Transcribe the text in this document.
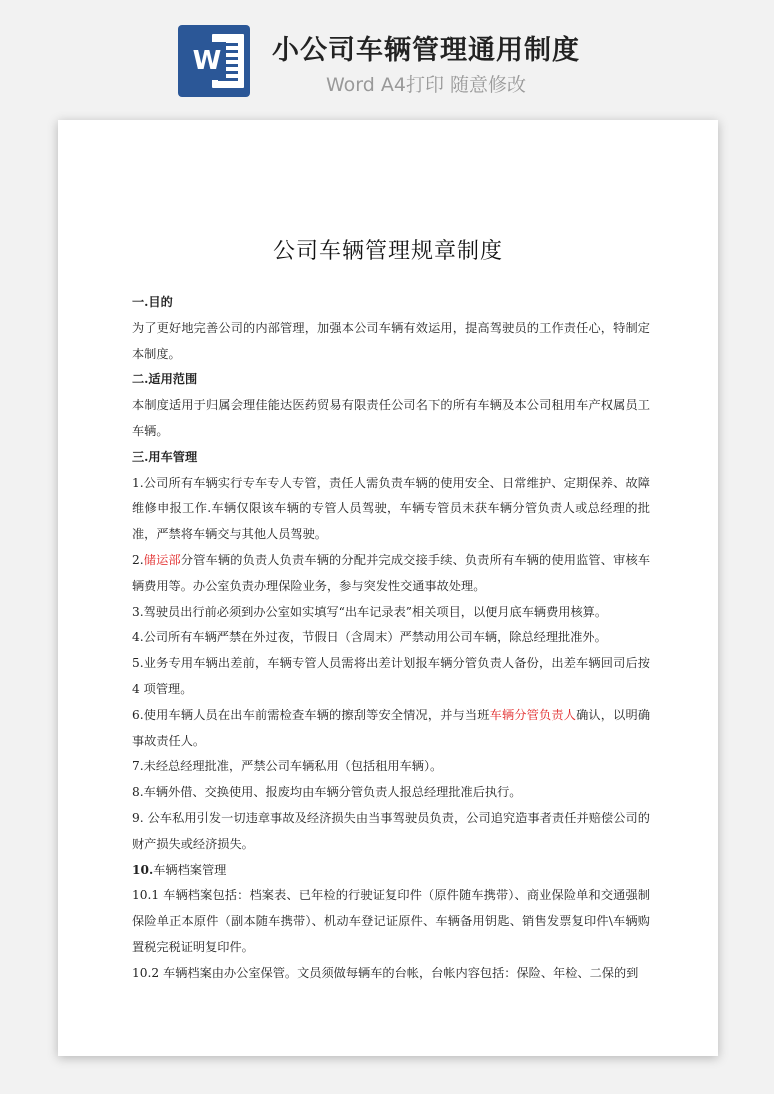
W 小公司车辆管理通用制度
Word A4打印 随意修改
公司车辆管理规章制度

一.目的

为了更好地完善公司的内部管理，加强本公司车辆有效运用，提高驾驶员的工作责任心，特制定本制度。

二.适用范围

本制度适用于归属会理佳能达医药贸易有限责任公司名下的所有车辆及本公司租用车产权属员工车辆。

三.用车管理

1.公司所有车辆实行专车专人专管，责任人需负责车辆的使用安全、日常维护、定期保养、故障维修申报工作.车辆仅限该车辆的专管人员驾驶，车辆专管员未获车辆分管负责人或总经理的批准，严禁将车辆交与其他人员驾驶。

2.储运部分管车辆的负责人负责车辆的分配并完成交接手续、负责所有车辆的使用监管、审核车辆费用等。办公室负责办理保险业务，参与突发性交通事故处理。

3.驾驶员出行前必须到办公室如实填写“出车记录表”相关项目，以便月底车辆费用核算。

4.公司所有车辆严禁在外过夜，节假日（含周末）严禁动用公司车辆，除总经理批准外。

5.业务专用车辆出差前，车辆专管人员需将出差计划报车辆分管负责人备份，出差车辆回司后按4 项管理。

6.使用车辆人员在出车前需检查车辆的擦刮等安全情况，并与当班车辆分管负责人确认，以明确事故责任人。

7.未经总经理批准，严禁公司车辆私用（包括租用车辆）。

8.车辆外借、交换使用、报废均由车辆分管负责人报总经理批准后执行。

9. 公车私用引发一切违章事故及经济损失由当事驾驶员负责，公司追究造事者责任并赔偿公司的财产损失或经济损失。

10.车辆档案管理

10.1 车辆档案包括：档案表、已年检的行驶证复印件（原件随车携带）、商业保险单和交通强制保险单正本原件（副本随车携带）、机动车登记证原件、车辆备用钥匙、销售发票复印件\车辆购置税完税证明复印件。

10.2 车辆档案由办公室保管。文员须做每辆车的台帐，台帐内容包括：保险、年检、二保的到
